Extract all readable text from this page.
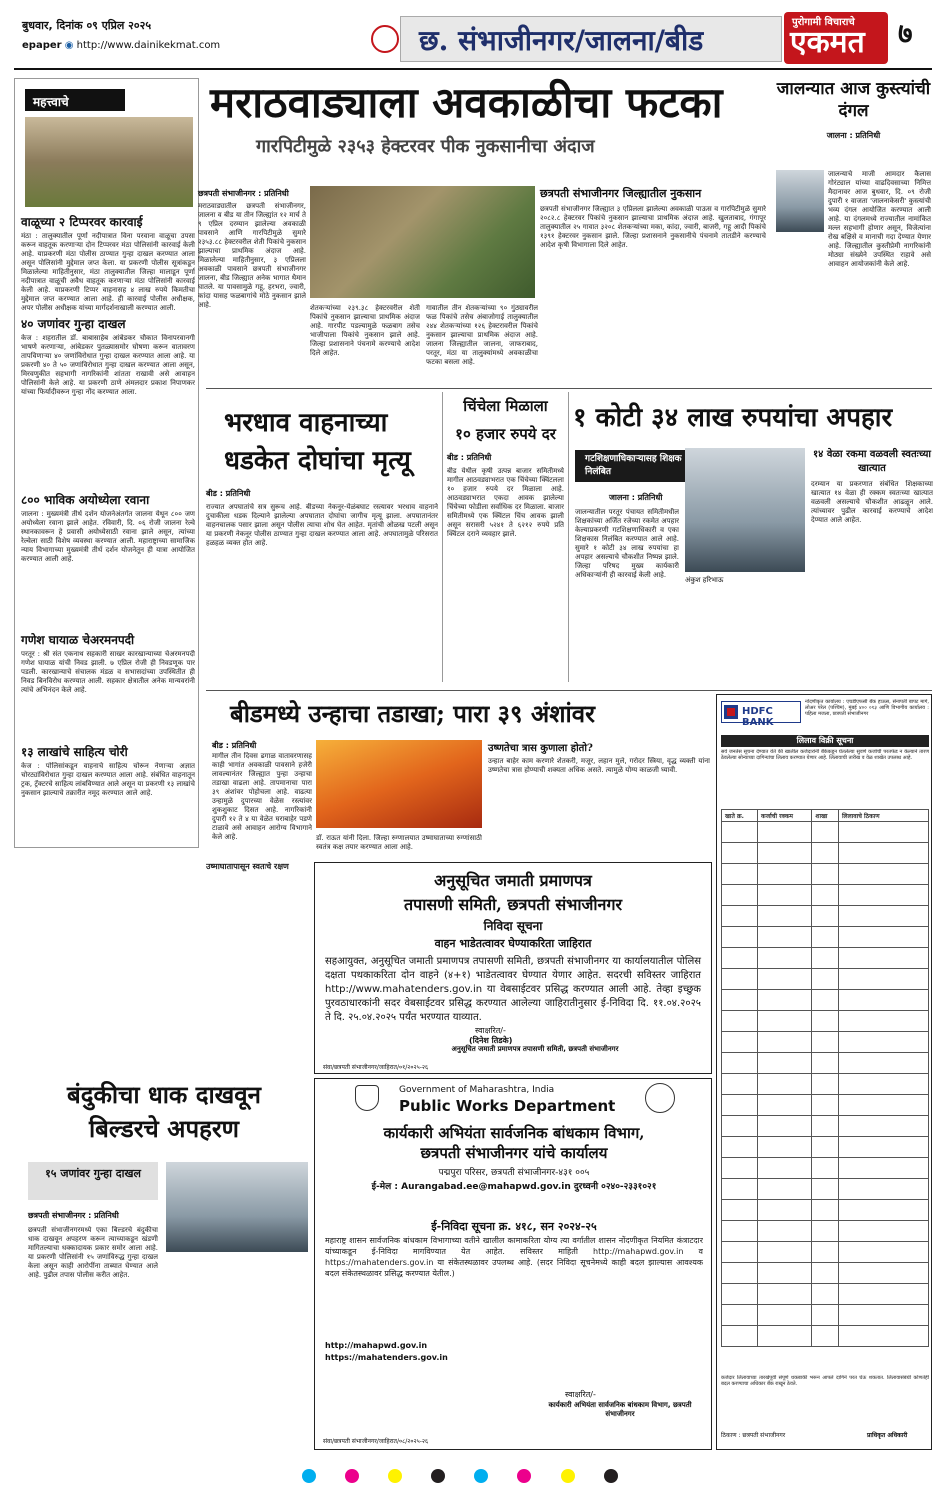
बुधवार, दिनांक ०९ एप्रिल २०२५
epaper ◉ http://www.dainikekmat.com	छ. संभाजीनगर/जालना/बीड
पुरोगामी विचाराचे
एकमत ७
महत्त्वाचे
वाळूच्या २ टिप्परवर कारवाई
मंठा : तालुक्यातील पूर्णा नदीपात्रात विना परवाना वाळूचा उपसा करून वाहतूक करणाऱ्या दोन टिप्परवर मंठा पोलिसांनी कारवाई केली आहे. याप्रकरणी मंठा पोलीस ठाण्यात गुन्हा दाखल करण्यात आला असून पोलिसांनी मुद्देमाल जप्त केला. या प्रकरणी पोलीस सूत्रांकडून मिळालेल्या माहितीनुसार, मंठा तालुक्यातील जिल्हा मालाडून पूर्णा नदीपात्रात वाळूची अवैध वाहतूक करणाऱ्या मंठा पोलिसांनी कारवाई केली आहे. याप्रकरणी टिप्पर वाहनासह ४ लाख रुपये किमतीचा मुद्देमाल जप्त करण्यात आला आहे. ही कारवाई पोलीस अधीक्षक, अपर पोलीस अधीक्षक यांच्या मार्गदर्शनाखाली करण्यात आली.
४० जणांवर गुन्हा दाखल
केज : शहरातील डॉ. बाबासाहेब आंबेडकर चौकात विनापरवानगी भाषणे करणाऱ्या, आंबेडकर पुतळ्यासमोर घोषणा करून वातावरण तापविणाऱ्या ४० जणांविरोधात गुन्हा दाखल करण्यात आला आहे. या प्रकरणी ४० ते ५० जणांविरोधात गुन्हा दाखल करण्यात आला असून, मिरवणुकीत सहभागी नागरिकांनी शांतता राखावी असे आवाहन पोलिसांनी केले आहे. या प्रकरणी ठाणे अंमलदार प्रकाश निपाणकर यांच्या फिर्यादीवरून गुन्हा नोंद करण्यात आला.
८०० भाविक अयोध्येला रवाना
जालना : मुख्यमंत्री तीर्थ दर्शन योजनेअंतर्गत जालना येथून ८०० जण अयोध्येला रवाना झाले आहेत. रविवारी, दि. ०६ रोजी जालना रेल्वे स्थानकावरून हे प्रवासी अयोध्येसाठी रवाना झाले असून, त्यांच्या रेल्वेला साठी विशेष व्यवस्था करण्यात आली. महाराष्ट्राच्या सामाजिक न्याय विभागाच्या मुख्यमंत्री तीर्थ दर्शन योजनेतून ही यात्रा आयोजित करण्यात आली आहे.
गणेश घायाळ चेअरमनपदी
परतूर : श्री संत एकनाथ सहकारी साखर कारखान्याच्या चेअरमनपदी गणेश घायाळ यांची निवड झाली. ७ एप्रिल रोजी ही निवडणूक पार पडली. कारखान्याचे संचालक मंडळ व सभासदांच्या उपस्थितीत ही निवड बिनविरोध करण्यात आली. सहकार क्षेत्रातील अनेक मान्यवरांनी त्यांचे अभिनंदन केले आहे.
१३ लाखांचे साहित्य चोरी
केज : पोलिसांकडून वाहनाचे साहित्य चोरून नेणाऱ्या अज्ञात चोरट्यांविरोधात गुन्हा दाखल करण्यात आला आहे. संबंधित वाहनातून ट्रक, ट्रॅक्टरचे साहित्य लांबविण्यात आले असून या प्रकरणी १३ लाखांचे नुकसान झाल्याचे तक्रारीत नमूद करण्यात आले आहे.
मराठवाड्याला अवकाळीचा फटका
गारपिटीमुळे २३५३ हेक्टरवर पीक नुकसानीचा अंदाज
छत्रपती संभाजीनगर : प्रतिनिधी
मराठवाड्यातील छत्रपती संभाजीनगर, जालना व बीड या तीन जिल्ह्यांत १२ मार्च ते ९ एप्रिल दरम्यान झालेल्या अवकाळी पावसाने आणि गारपिटीमुळे सुमारे २३५३.८८ हेक्टरवरील शेती पिकांचे नुकसान झाल्याचा प्राथमिक अंदाज आहे. मिळालेल्या माहितीनुसार, ३ एप्रिलला अवकाळी पावसाने छत्रपती संभाजीनगर जालना, बीड जिल्ह्यात अनेक भागात थैमान घातले. या पावसामुळे गहू, हरभरा, ज्वारी, कांदा यासह फळबागांचे मोठे नुकसान झाले आहे.	शेतकऱ्यांच्या २३९.३८ हेक्टरवरील शेती पिकांचे नुकसान झाल्याचा प्राथमिक अंदाज आहे. गारपीट पडल्यामुळे फळबाग तसेच भाजीपाला पिकांचे नुकसान झाले आहे. जिल्हा प्रशासनाने पंचनामे करण्याचे आदेश दिले आहेत.
गावातील तीन शेतकऱ्यांच्या ९० गुंठ्यावरील फळ पिकांचे तसेच अंबाजोगाई तालुक्यातील २४४ शेतकऱ्यांच्या १२६ हेक्टरावरील पिकांचे नुकसान झाल्याचा प्राथमिक अंदाज आहे. जालना जिल्ह्यातील जालना, जाफराबाद, परतूर, मंठा या तालुक्यांमध्ये अवकाळीचा फटका बसला आहे.
छत्रपती संभाजीनगर जिल्ह्यातील नुकसान
छत्रपती संभाजीनगर जिल्ह्यात ३ एप्रिलला झालेल्या अवकाळी पाऊस व गारपिटीमुळे सुमारे २०८२.८ हेक्टरवर पिकांचे नुकसान झाल्याचा प्राथमिक अंदाज आहे. खुलताबाद, गंगापूर तालुक्यातील २५ गावात ३२०८ शेतकऱ्यांच्या मका, कांदा, ज्वारी, बाजरी, गहू आदी पिकांचे १३९१ हेक्टरवर नुकसान झाले. जिल्हा प्रशासनाने नुकसानीचे पंचनामे तातडीने करण्याचे आदेश कृषी विभागाला दिले आहेत.
जालन्यात आज कुस्त्यांची दंगल
जालना : प्रतिनिधी
जालन्याचे माजी आमदार कैलास गोरंट्याल यांच्या वाढदिवसाच्या निमित्त मैदानावर आज बुधवार, दि. ०९ रोजी दुपारी १ वाजता 'जालनाकेसरी' कुस्त्यांची भव्य दंगल आयोजित करण्यात आली आहे. या दंगलमध्ये राज्यातील नामांकित मल्ल सहभागी होणार असून, विजेत्यांना रोख बक्षिसे व मानाची गदा देण्यात येणार आहे. जिल्ह्यातील कुस्तीप्रेमी नागरिकांनी मोठ्या संख्येने उपस्थित राहावे असे आवाहन आयोजकांनी केले आहे.
भरधाव वाहनाच्या धडकेत दोघांचा मृत्यू
बीड : प्रतिनिधी
राज्यात अपघातांचे सत्र सुरूच आहे. बीडच्या नेकनूर-येळंबघाट रस्त्यावर भरधाव वाहनाने दुचाकीला धडक दिल्याने झालेल्या अपघातात दोघांचा जागीच मृत्यू झाला. अपघातानंतर वाहनचालक पसार झाला असून पोलीस त्याचा शोध घेत आहेत. मृतांची ओळख पटली असून या प्रकरणी नेकनूर पोलीस ठाण्यात गुन्हा दाखल करण्यात आला आहे. अपघातामुळे परिसरात हळहळ व्यक्त होत आहे.
चिंचेला मिळाला
१० हजार रुपये दर
बीड : प्रतिनिधी
बीड येथील कृषी उत्पन्न बाजार समितीमध्ये मागील आठवड्याभरात एक चिंचेच्या क्विंटलला १० हजार रुपये दर मिळाला आहे. आठवड्याभरात एकदा आवक झालेल्या चिंचेच्या फोडीला सर्वाधिक दर मिळाला. बाजार समितीमध्ये एक क्विंटल चिंच आवक झाली असून सरासरी ५२४१ ते ६२१२ रुपये प्रति क्विंटल दराने व्यवहार झाले.
१ कोटी ३४ लाख रुपयांचा अपहार
गटशिक्षणाधिकाऱ्यासह शिक्षक निलंबित
जालना : प्रतिनिधी
जालन्यातील परतूर पंचायत समितीमधील शिक्षकांच्या अर्जित रजेच्या रकमेत अपहार केल्याप्रकरणी गटशिक्षणाधिकारी व एका शिक्षकास निलंबित करण्यात आले आहे. सुमारे १ कोटी ३४ लाख रुपयांचा हा अपहार असल्याचे चौकशीत निष्पन्न झाले. जिल्हा परिषद मुख्य कार्यकारी अधिकाऱ्यांनी ही कारवाई केली आहे.
अंकुश हरिभाऊ
१४ वेळा रकमा वळवली स्वतःच्या खात्यात
दरम्यान या प्रकरणात संबंधित शिक्षकाच्या खात्यात १४ वेळा ही रक्कम स्वतःच्या खात्यात वळवली असल्याचे चौकशीत आढळून आले. त्यांच्यावर पुढील कारवाई करण्याचे आदेश देण्यात आले आहेत.
बीडमध्ये उन्हाचा तडाखा; पारा ३९ अंशांवर
बीड : प्रतिनिधी
मागील तीन दिवस ढगाळ वातावरणासह काही भागांत अवकाळी पावसाने हजेरी लावल्यानंतर जिल्ह्यात पुन्हा उन्हाचा तडाखा वाढला आहे. तापमानाचा पारा ३९ अंशांवर पोहोचला आहे. वाढत्या उन्हामुळे दुपारच्या वेळेस रस्त्यांवर शुकशुकाट दिसत आहे. नागरिकांनी दुपारी १२ ते ४ या वेळेत घराबाहेर पडणे टाळावे असे आवाहन आरोग्य विभागाने केले आहे.	डॉ. राऊत यांनी दिला. जिल्हा रुग्णालयात उष्माघाताच्या रुग्णांसाठी स्वतंत्र कक्ष तयार करण्यात आला आहे.
उष्णतेचा त्रास कुणाला होतो?
उन्हात बाहेर काम करणारे शेतकरी, मजूर, लहान मुले, गरोदर स्त्रिया, वृद्ध व्यक्ती यांना उष्णतेचा त्रास होण्याची शक्यता अधिक असते. त्यामुळे योग्य काळजी घ्यावी.
उष्माघातापासून स्वतःचे रक्षण
अनुसूचित जमाती प्रमाणपत्र
तपासणी समिती, छत्रपती संभाजीनगर
निविदा सूचना
वाहन भाडेतत्वावर घेण्याकरिता जाहिरात
सहआयुक्त, अनुसूचित जमाती प्रमाणपत्र तपासणी समिती, छत्रपती संभाजीनगर या कार्यालयातील पोलिस दक्षता पथकाकरिता दोन वाहने (४+१) भाडेतत्वावर घेण्यात येणार आहेत. सदरची सविस्तर जाहिरात http://www.mahatenders.gov.in या वेबसाईटवर प्रसिद्ध करण्यात आली आहे. तेव्हा इच्छुक पुरवठाधारकांनी सदर वेबसाईटवर प्रसिद्ध करण्यात आलेल्या जाहिरातीनुसार ई-निविदा दि. ११.०४.२०२५ ते दि. २५.०४.२०२५ पर्यंत भरण्यात याव्यात.
स्वाक्षरित/-
(दिनेश तिडके)
अनुसूचित जमाती प्रमाणपत्र तपासणी समिती, छत्रपती संभाजीनगर
संवा/छत्रपती संभाजीनगर/जाहिरात/०१/२०२५-२६
बंदुकीचा धाक दाखवून बिल्डरचे अपहरण
१५ जणांवर गुन्हा दाखल
छत्रपती संभाजीनगर : प्रतिनिधी
छत्रपती संभाजीनगरमध्ये एका बिल्डरचे बंदुकीचा धाक दाखवून अपहरण करून त्याच्याकडून खंडणी मागितल्याचा धक्कादायक प्रकार समोर आला आहे. या प्रकरणी पोलिसांनी १५ जणांविरुद्ध गुन्हा दाखल केला असून काही आरोपींना ताब्यात घेण्यात आले आहे. पुढील तपास पोलीस करीत आहेत.
Government of Maharashtra, India
Public Works Department
कार्यकारी अभियंता सार्वजनिक बांधकाम विभाग,
छत्रपती संभाजीनगर यांचे कार्यालय
पद्मपुरा परिसर, छत्रपती संभाजीनगर-४३१ ००५
ई-मेल : Aurangabad.ee@mahapwd.gov.in दुरध्वनी ०२४०-२३३१०२१
ई-निविदा सूचना क्र. ४१८, सन २०२४-२५
महाराष्ट्र शासन सार्वजनिक बांधकाम विभागाच्या वतीने खालील कामाकरिता योग्य त्या वर्गातील शासन नोंदणीकृत नियमित कंत्राटदार यांच्याकडून ई-निविदा मागविण्यात येत आहेत. सविस्तर माहिती http://mahapwd.gov.in व https://mahatenders.gov.in या संकेतस्थळावर उपलब्ध आहे. (सदर निविदा सूचनेमध्ये काही बदल झाल्यास आवश्यक बदल संकेतस्थळावर प्रसिद्ध करण्यात येतील.)
http://mahapwd.gov.in
https://mahatenders.gov.in
स्वाक्षरित/-
कार्यकारी अभियंता सार्वजनिक बांधकाम विभाग, छत्रपती संभाजीनगर
संवा/छत्रपती संभाजीनगर/जाहिरात/०८/२०२५-२६
HDFC BANK
नोंदणीकृत कार्यालय : एचडीएफसी बँक हाऊस, सेनापती बापट मार्ग, लोअर परेल (पश्चिम), मुंबई ४०० ०१३ आणि विभागीय कार्यालय : पहिला मजला, छत्रपती संभाजीनगर
लिलाव विक्री सूचना
सर्व जनतेस सूचना देण्यात येते की खालील कर्जदारांनी बँकेकडून घेतलेल्या सुवर्ण कर्जाची परतफेड न केल्याने तारण ठेवलेल्या सोन्याच्या दागिन्यांचा लिलाव करण्यात येणार आहे. लिलावाची तारीख व वेळ शाखेत उपलब्ध आहे.
खाते क्र.	कर्जाची रक्कम	शाखा	लिलावाचे ठिकाण

कर्जदार लिलावाच्या तारखेपूर्वी संपूर्ण थकबाकी भरून आपले दागिने परत घेऊ शकतात. लिलावासंबंधी कोणतेही बदल करण्याचा अधिकार बँक राखून ठेवते.
ठिकाण : छत्रपती संभाजीनगर	प्राधिकृत अधिकारी
